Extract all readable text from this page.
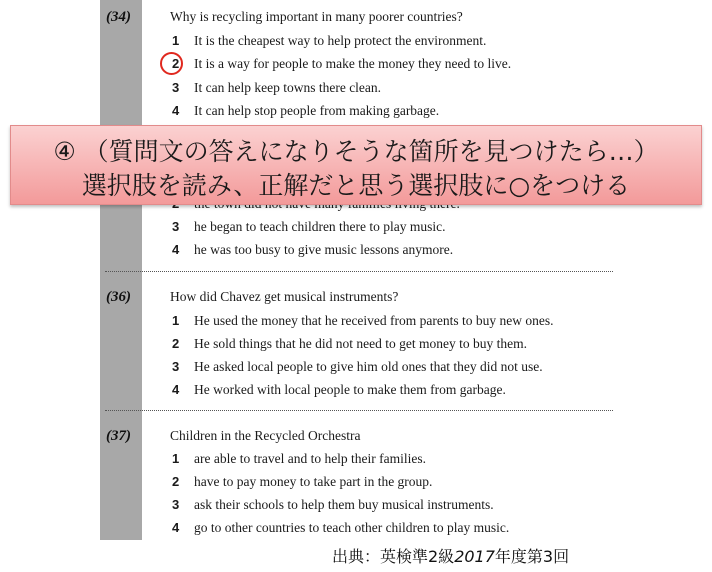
(34)	Why is recycling important in many poorer countries?
1 It is the cheapest way to help protect the environment.
2 It is a way for people to make the money they need to live.
3 It can help keep towns there clean.
4 It can help stop people from making garbage.
3 he began to teach children there to play music.
4 he was too busy to give music lessons anymore.
(36)	How did Chavez get musical instruments?
1 He used the money that he received from parents to buy new ones.
2 He sold things that he did not need to get money to buy them.
3 He asked local people to give him old ones that they did not use.
4 He worked with local people to make them from garbage.
(37)	Children in the Recycled Orchestra
1 are able to travel and to help their families.
2 have to pay money to take part in the group.
3 ask their schools to help them buy musical instruments.
4 go to other countries to teach other children to play music.
④ （質問文の答えになりそうな箇所を見つけたら…）
選択肢を読み、正解だと思う選択肢に○をつける
出典：英検準2級2017年度第3回
